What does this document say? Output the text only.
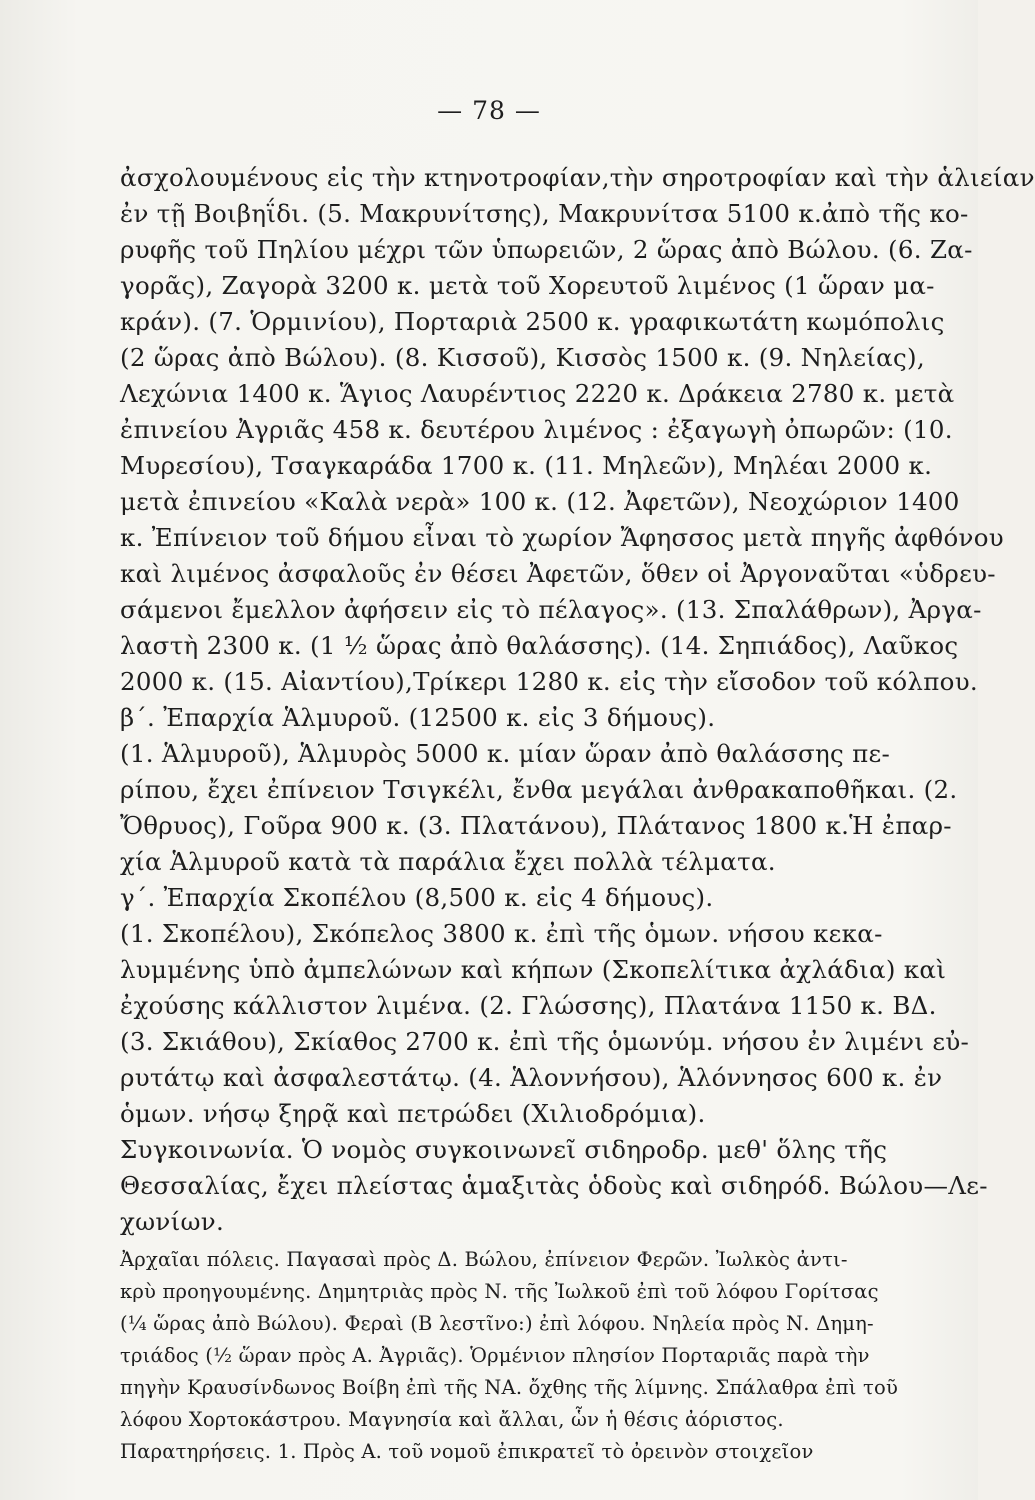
— 78 —
ἀσχολουμένους εἰς τὴν κτηνοτροφίαν,τὴν σηροτροφίαν καὶ τὴν ἁλιείαν
ἐν τῇ Βοιβηΐδι. (5. Μακρυνίτσης), Μακρυνίτσα 5100 κ.ἀπὸ τῆς κο-
ρυφῆς τοῦ Πηλίου μέχρι τῶν ὑπωρειῶν, 2 ὥρας ἀπὸ Βώλου. (6. Ζα-
γορᾶς), Ζαγορὰ 3200 κ. μετὰ τοῦ Χορευτοῦ λιμένος (1 ὥραν μα-
κράν). (7. Ὁρμινίου), Πορταριὰ 2500 κ. γραφικωτάτη κωμόπολις
(2 ὥρας ἀπὸ Βώλου). (8. Κισσοῦ), Κισσὸς 1500 κ. (9. Νηλείας),
Λεχώνια 1400 κ. Ἅγιος Λαυρέντιος 2220 κ. Δράκεια 2780 κ. μετὰ
ἐπινείου Ἀγριᾶς 458 κ. δευτέρου λιμένος : ἐξαγωγὴ ὀπωρῶν: (10.
Μυρεσίου), Τσαγκαράδα 1700 κ. (11. Μηλεῶν), Μηλέαι 2000 κ.
μετὰ ἐπινείου «Καλὰ νερὰ» 100 κ. (12. Ἀφετῶν), Νεοχώριον 1400
κ. Ἐπίνειον τοῦ δήμου εἶναι τὸ χωρίον Ἄφησσος μετὰ πηγῆς ἀφθόνου
καὶ λιμένος ἀσφαλοῦς ἐν θέσει Ἀφετῶν, ὅθεν οἱ Ἀργοναῦται «ὑδρευ-
σάμενοι ἔμελλον ἀφήσειν εἰς τὸ πέλαγος». (13. Σπαλάθρων), Ἀργα-
λαστὴ 2300 κ. (1 ½ ὥρας ἀπὸ θαλάσσης). (14. Σηπιάδος), Λαῦκος
2000 κ. (15. Αἰαντίου),Τρίκερι 1280 κ. εἰς τὴν εἴσοδον τοῦ κόλπου.
β΄. Ἐπαρχία Ἁλμυροῦ. (12500 κ. εἰς 3 δήμους).
(1. Ἁλμυροῦ), Ἁλμυρὸς 5000 κ. μίαν ὥραν ἀπὸ θαλάσσης πε-
ρίπου, ἔχει ἐπίνειον Τσιγκέλι, ἔνθα μεγάλαι ἀνθρακαποθῆκαι. (2.
Ὄθρυος), Γοῦρα 900 κ. (3. Πλατάνου), Πλάτανος 1800 κ.Ἡ ἐπαρ-
χία Ἁλμυροῦ κατὰ τὰ παράλια ἔχει πολλὰ τέλματα.
γ΄. Ἐπαρχία Σκοπέλου (8,500 κ. εἰς 4 δήμους).
(1. Σκοπέλου), Σκόπελος 3800 κ. ἐπὶ τῆς ὁμων. νήσου κεκα-
λυμμένης ὑπὸ ἀμπελώνων καὶ κήπων (Σκοπελίτικα ἀχλάδια) καὶ
ἐχούσης κάλλιστον λιμένα. (2. Γλώσσης), Πλατάνα 1150 κ. ΒΔ.
(3. Σκιάθου), Σκίαθος 2700 κ. ἐπὶ τῆς ὁμωνύμ. νήσου ἐν λιμένι εὐ-
ρυτάτῳ καὶ ἀσφαλεστάτῳ. (4. Ἁλοννήσου), Ἁλόννησος 600 κ. ἐν
ὁμων. νήσῳ ξηρᾷ καὶ πετρώδει (Χιλιοδρόμια).
Συγκοινωνία. Ὁ νομὸς συγκοινωνεῖ σιδηροδρ. μεθ' ὅλης τῆς
Θεσσαλίας, ἔχει πλείστας ἁμαξιτὰς ὁδοὺς καὶ σιδηρόδ. Βώλου—Λε-
χωνίων.
Ἀρχαῖαι πόλεις. Παγασαὶ πρὸς Δ. Βώλου, ἐπίνειον Φερῶν. Ἰωλκὸς ἀντι-
κρὺ προηγουμένης. Δημητριὰς πρὸς Ν. τῆς Ἰωλκοῦ ἐπὶ τοῦ λόφου Γορίτσας
(¼ ὥρας ἀπὸ Βώλου). Φεραὶ (Β λεστῖνο:) ἐπὶ λόφου. Νηλεία πρὸς Ν. Δημη-
τριάδος (½ ὥραν πρὸς Α. Ἀγριᾶς). Ὁρμένιον πλησίον Πορταριᾶς παρὰ τὴν
πηγὴν Κραυσίνδωνος Βοίβη ἐπὶ τῆς ΝΑ. ὄχθης τῆς λίμνης. Σπάλαθρα ἐπὶ τοῦ
λόφου Χορτοκάστρου. Μαγνησία καὶ ἄλλαι, ὧν ἡ θέσις ἀόριστος.
Παρατηρήσεις. 1. Πρὸς Α. τοῦ νομοῦ ἐπικρατεῖ τὸ ὀρεινὸν στοιχεῖον
